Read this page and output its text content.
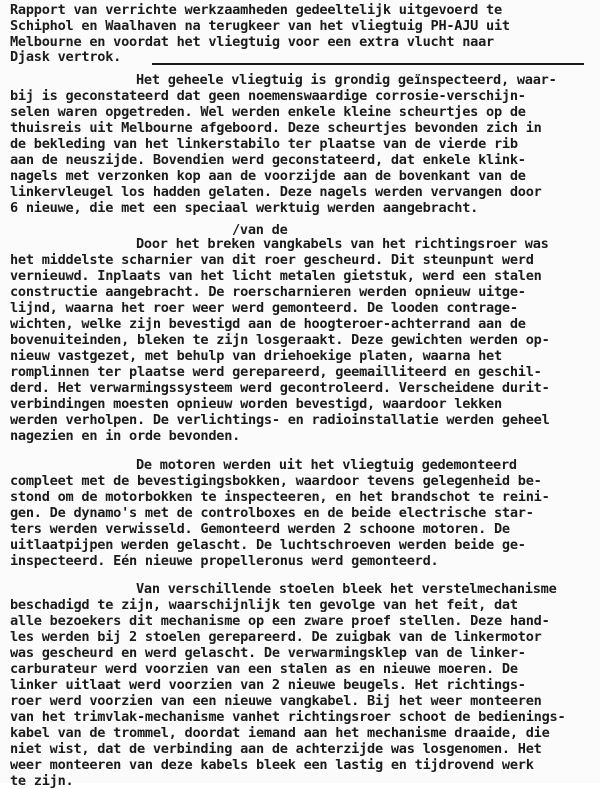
Rapport van verrichte werkzaamheden gedeeltelijk uitgevoerd te
Schiphol en Waalhaven na terugkeer van het vliegtuig PH-AJU uit
Melbourne en voordat het vliegtuig voor een extra vlucht naar
Djask vertrok.
Het geheele vliegtuig is grondig geïnspecteerd, waar-
bij is geconstateerd dat geen noemenswaardige corrosie-verschijn-
selen waren opgetreden. Wel werden enkele kleine scheurtjes op de
thuisreis uit Melbourne afgeboord. Deze scheurtjes bevonden zich in
de bekleding van het linkerstabilo ter plaatse van de vierde rib
aan de neuszijde. Bovendien werd geconstateerd, dat enkele klink-
nagels met verzonken kop aan de voorzijde aan de bovenkant van de
linkervleugel los hadden gelaten. Deze nagels werden vervangen door
6 nieuwe, die met een speciaal werktuig werden aangebracht.
/van de
Door het breken vangkabels van het richtingsroer was
het middelste scharnier van dit roer gescheurd. Dit steunpunt werd
vernieuwd. Inplaats van het licht metalen gietstuk, werd een stalen
constructie aangebracht. De roerscharnieren werden opnieuw uitge-
lijnd, waarna het roer weer werd gemonteerd. De looden contrage-
wichten, welke zijn bevestigd aan de hoogteroer-achterrand aan de
bovenuiteinden, bleken te zijn losgeraakt. Deze gewichten werden op-
nieuw vastgezet, met behulp van driehoekige platen, waarna het
romplinnen ter plaatse werd gerepareerd, geemailliteerd en geschil-
derd. Het verwarmingssysteem werd gecontroleerd. Verscheidene durit-
verbindingen moesten opnieuw worden bevestigd, waardoor lekken
werden verholpen. De verlichtings- en radioinstallatie werden geheel
nagezien en in orde bevonden.
De motoren werden uit het vliegtuig gedemonteerd
compleet met de bevestigingsbokken, waardoor tevens gelegenheid be-
stond om de motorbokken te inspecteeren, en het brandschot te reini-
gen. De dynamo's met de controlboxes en de beide electrische star-
ters werden verwisseld. Gemonteerd werden 2 schoone motoren. De
uitlaatpijpen werden gelascht. De luchtschroeven werden beide ge-
inspecteerd. Eén nieuwe propelleronus werd gemonteerd.
Van verschillende stoelen bleek het verstelmechanisme
beschadigd te zijn, waarschijnlijk ten gevolge van het feit, dat
alle bezoekers dit mechanisme op een zware proef stellen. Deze hand-
les werden bij 2 stoelen gerepareerd. De zuigbak van de linkermotor
was gescheurd en werd gelascht. De verwarmingsklep van de linker-
carburateur werd voorzien van een stalen as en nieuwe moeren. De
linker uitlaat werd voorzien van 2 nieuwe beugels. Het richtings-
roer werd voorzien van een nieuwe vangkabel. Bij het weer monteeren
van het trimvlak-mechanisme vanhet richtingsroer schoot de bedienings-
kabel van de trommel, doordat iemand aan het mechanisme draaide, die
niet wist, dat de verbinding aan de achterzijde was losgenomen. Het
weer monteeren van deze kabels bleek een lastig en tijdrovend werk
te zijn.
